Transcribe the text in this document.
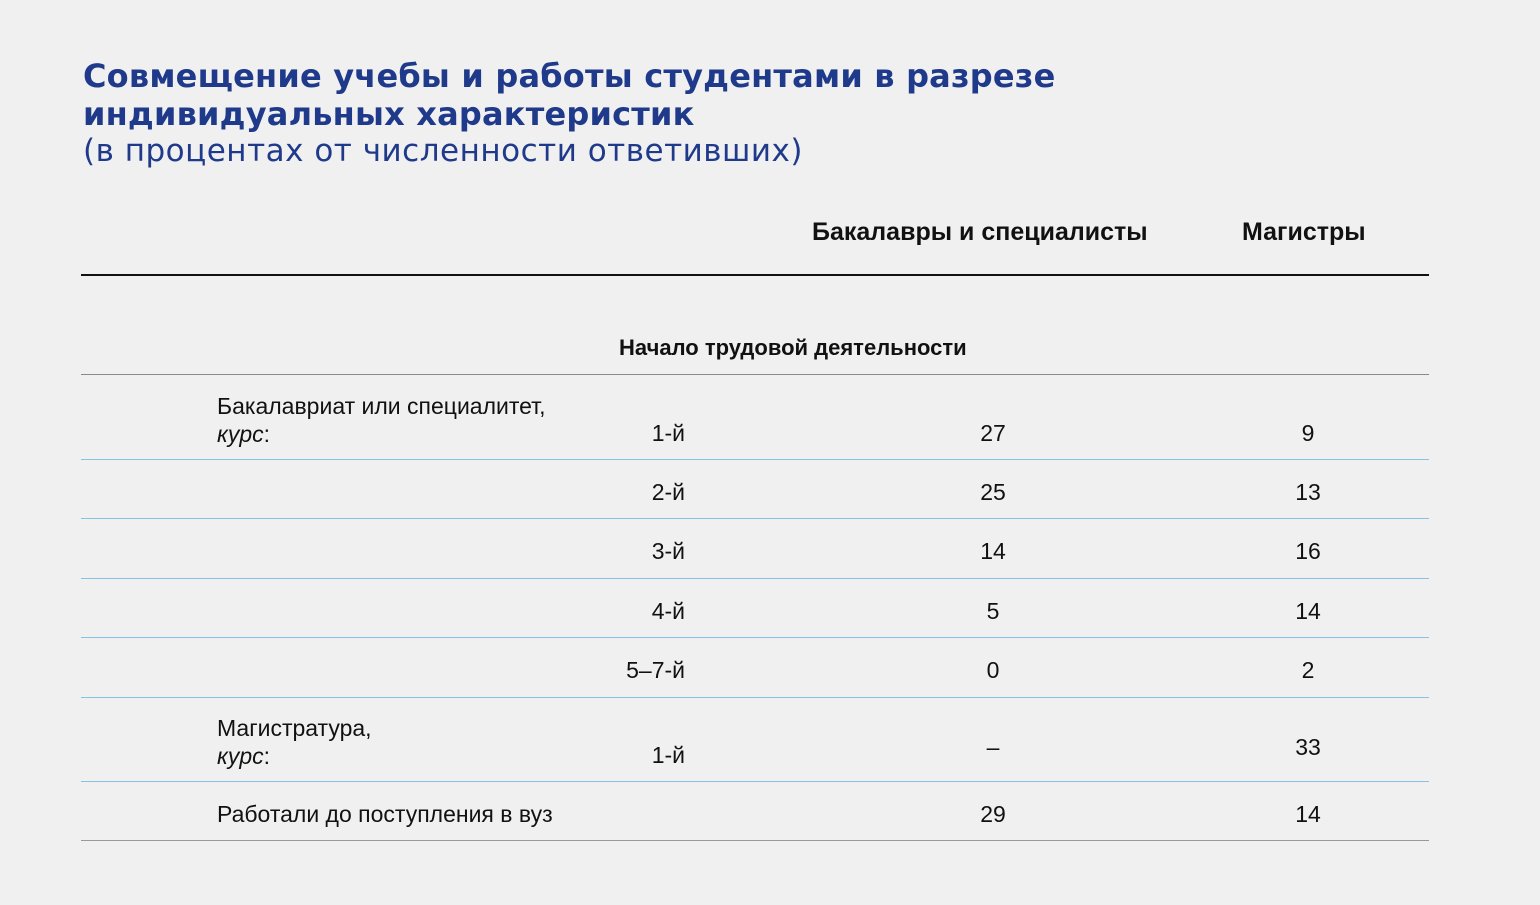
Совмещение учебы и работы студентами в разрезе индивидуальных характеристик
(в процентах от численности ответивших)
Бакалавры и специалисты	Магистры
Начало трудовой деятельности
Бакалавриат или специалитет,
курс:	1-й	27	9
2-й	25	13
3-й	14	16
4-й	5	14
5–7-й	0	2
Магистратура,
курс:	1-й	–	33
Работали до поступления в вуз	29	14
